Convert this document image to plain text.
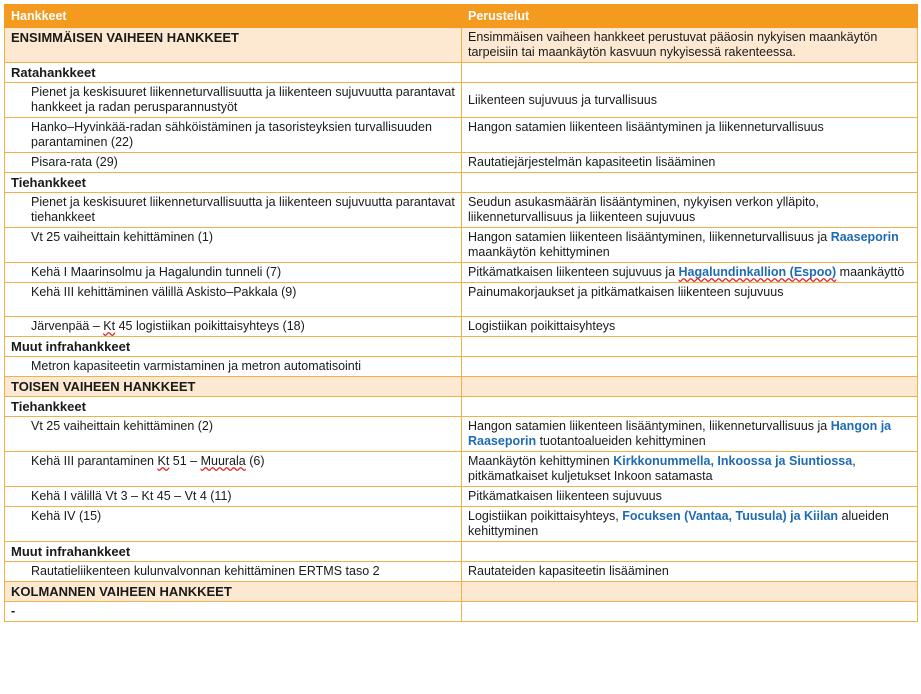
Hankkeet	Perustelut
ENSIMMÄISEN VAIHEEN HANKKEET	Ensimmäisen vaiheen hankkeet perustuvat pääosin nykyisen maankäytön tarpeisiin tai maankäytön kasvuun nykyisessä rakenteessa.
Ratahankkeet	
Pienet ja keskisuuret liikenneturvallisuutta ja liikenteen sujuvuutta parantavat hankkeet ja radan perusparannustyöt	Liikenteen sujuvuus ja turvallisuus
Hanko–Hyvinkää-radan sähköistäminen ja tasoristeyksien turvallisuuden parantaminen (22)	Hangon satamien liikenteen lisääntyminen ja liikenneturvallisuus
Pisara-rata (29)	Rautatiejärjestelmän kapasiteetin lisääminen
Tiehankkeet	
Pienet ja keskisuuret liikenneturvallisuutta ja liikenteen sujuvuutta parantavat tiehankkeet	Seudun asukasmäärän lisääntyminen, nykyisen verkon ylläpito, liikenneturvallisuus ja liikenteen sujuvuus
Vt 25 vaiheittain kehittäminen (1)	Hangon satamien liikenteen lisääntyminen, liikenneturvallisuus ja Raaseporin maankäytön kehittyminen
Kehä I Maarinsolmu ja Hagalundin tunneli (7)	Pitkämatkaisen liikenteen sujuvuus ja Hagalundinkallion (Espoo) maankäyttö
Kehä III kehittäminen välillä Askisto–Pakkala (9)	Painumakorjaukset ja pitkämatkaisen liikenteen sujuvuus
Järvenpää – Kt 45 logistiikan poikittaisyhteys (18)	Logistiikan poikittaisyhteys
Muut infrahankkeet	
Metron kapasiteetin varmistaminen ja metron automatisointi	
TOISEN VAIHEEN HANKKEET	
Tiehankkeet	
Vt 25 vaiheittain kehittäminen (2)	Hangon satamien liikenteen lisääntyminen, liikenneturvallisuus ja Hangon ja Raaseporin tuotantoalueiden kehittyminen
Kehä III parantaminen Kt 51 – Muurala (6)	Maankäytön kehittyminen Kirkkonummella, Inkoossa ja Siuntiossa, pitkämatkaiset kuljetukset Inkoon satamasta
Kehä I välillä Vt 3 – Kt 45 – Vt 4 (11)	Pitkämatkaisen liikenteen sujuvuus
Kehä IV (15)	Logistiikan poikittaisyhteys, Focuksen (Vantaa, Tuusula) ja Kiilan alueiden kehittyminen
Muut infrahankkeet	
Rautatieliikenteen kulunvalvonnan kehittäminen ERTMS taso 2	Rautateiden kapasiteetin lisääminen
KOLMANNEN VAIHEEN HANKKEET	
-	
